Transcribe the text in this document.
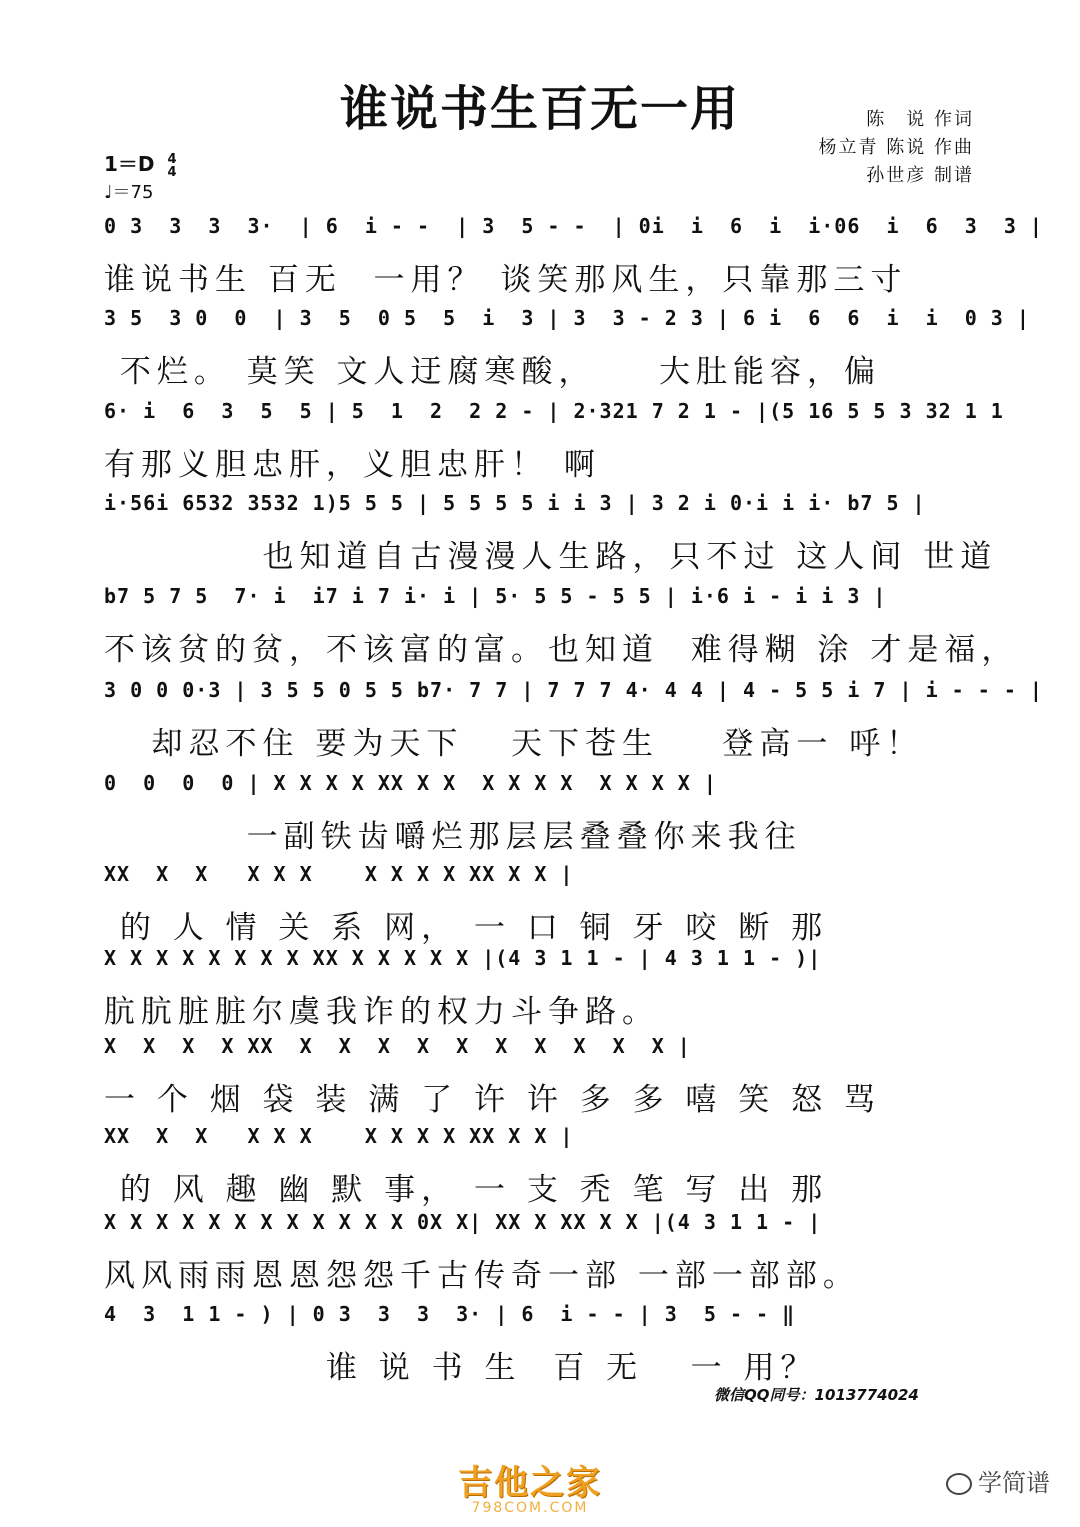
谁说书生百无一用	陈　说 作词
杨立青 陈说 作曲
孙世彦 制谱
1＝D 4
4
♩＝75
0 3  3  3  3·  | 6  i - -  | 3  5 - -  | 0i  i  6  i  i·06  i  6  3  3 |
谁说书生 百无  一用？ 谈笑那风生，只靠那三寸
3 5  3 0  0  | 3  5  0 5  5  i  3 | 3  3 - 2 3 | 6 i  6  6  i  i  0 3 |
不烂。 莫笑 文人迂腐寒酸，    大肚能容，偏
6· i  6  3  5  5 | 5  1  2  2 2 - | 2·321 7 2 1 - |(5 16 5 5 3 32 1 1
有那义胆忠肝，义胆忠肝！ 啊
i·56i 6532 3532 1)5 5 5 | 5 5 5 5 i i 3 | 3 2 i 0·i i i· b7 5 |
也知道自古漫漫人生路，只不过 这人间 世道
b7 5 7 5  7· i  i7 i 7 i· i | 5· 5 5 - 5 5 | i·6 i - i i 3 |
不该贫的贫，不该富的富。也知道  难得糊 涂 才是福，
3 0 0 0·3 | 3 5 5 0 5 5 b7· 7 7 | 7 7 7 4· 4 4 | 4 - 5 5 i 7 | i - - - |
却忍不住 要为天下   天下苍生    登高一 呼！
0  0  0  0 | X X X X XX X X  X X X X  X X X X |
一副铁齿嚼烂那层层叠叠你来我往
XX  X  X   X X X    X X X X XX X X |
的 人 情 关 系 网， 一 口 铜 牙 咬 断 那
X X X X X X X X XX X X X X X |(4 3 1 1 - | 4 3 1 1 - )|
肮肮脏脏尔虞我诈的权力斗争路。
X  X  X  X XX  X  X  X  X  X  X  X  X  X  X |
一 个 烟 袋 装 满 了 许 许 多 多 嘻 笑 怒 骂
XX  X  X   X X X    X X X X XX X X |
的 风 趣 幽 默 事， 一 支 秃 笔 写 出 那
X X X X X X X X X X X X 0X X| XX X XX X X |(4 3 1 1 - |
风风雨雨恩恩怨怨千古传奇一部 一部一部部。
4  3  1 1 - ) | 0 3  3  3  3· | 6  i - - | 3  5 - - ‖
谁 说 书 生  百 无   一 用？
微信QQ同号：1013774024
吉他之家
798COM.COM
学简谱
